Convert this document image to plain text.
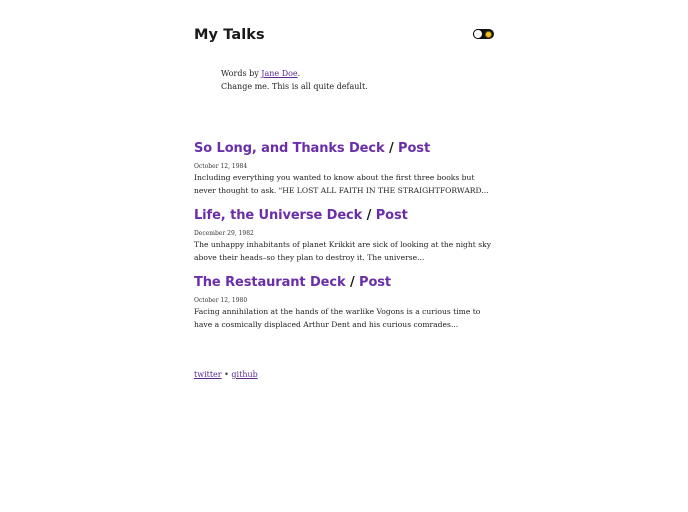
My Talks
Words by Jane Doe.
Change me. This is all quite default.
So Long, and Thanks Deck / Post
October 12, 1984
Including everything you wanted to know about the first three books but never thought to ask. "HE LOST ALL FAITH IN THE STRAIGHTFORWARD...
Life, the Universe Deck / Post
December 29, 1982
The unhappy inhabitants of planet Krikkit are sick of looking at the night sky above their heads–so they plan to destroy it. The universe...
The Restaurant Deck / Post
October 12, 1980
Facing annihilation at the hands of the warlike Vogons is a curious time to have a cosmically displaced Arthur Dent and his curious comrades...
twitter • github
